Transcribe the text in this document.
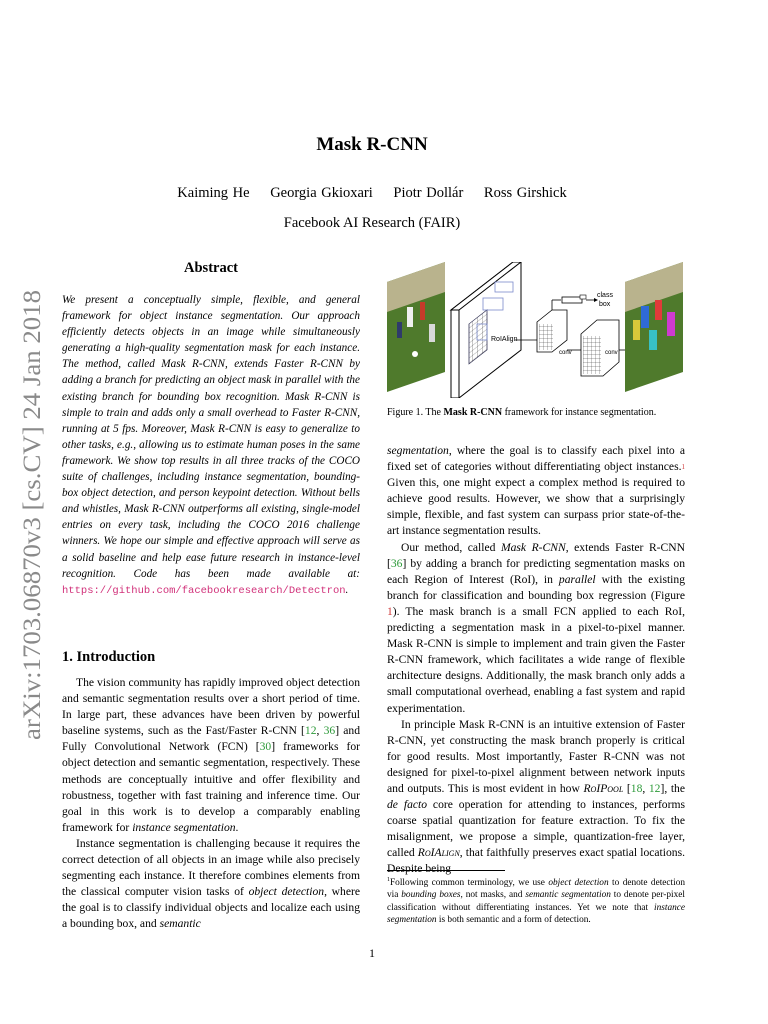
arXiv:1703.06870v3 [cs.CV] 24 Jan 2018
Mask R-CNN
Kaiming He Georgia Gkioxari Piotr Dollár Ross Girshick
Facebook AI Research (FAIR)
Abstract
We present a conceptually simple, flexible, and general framework for object instance segmentation. Our approach efficiently detects objects in an image while simultaneously generating a high-quality segmentation mask for each instance. The method, called Mask R-CNN, extends Faster R-CNN by adding a branch for predicting an object mask in parallel with the existing branch for bounding box recognition. Mask R-CNN is simple to train and adds only a small overhead to Faster R-CNN, running at 5 fps. Moreover, Mask R-CNN is easy to generalize to other tasks, e.g., allowing us to estimate human poses in the same framework. We show top results in all three tracks of the COCO suite of challenges, including instance segmentation, bounding-box object detection, and person keypoint detection. Without bells and whistles, Mask R-CNN outperforms all existing, single-model entries on every task, including the COCO 2016 challenge winners. We hope our simple and effective approach will serve as a solid baseline and help ease future research in instance-level recognition. Code has been made available at: https://github.com/facebookresearch/Detectron.
1. Introduction

The vision community has rapidly improved object detection and semantic segmentation results over a short period of time. In large part, these advances have been driven by powerful baseline systems, such as the Fast/Faster R-CNN [12, 36] and Fully Convolutional Network (FCN) [30] frameworks for object detection and semantic segmentation, respectively. These methods are conceptually intuitive and offer flexibility and robustness, together with fast training and inference time. Our goal in this work is to develop a comparably enabling framework for instance segmentation.

Instance segmentation is challenging because it requires the correct detection of all objects in an image while also precisely segmenting each instance. It therefore combines elements from the classical computer vision tasks of object detection, where the goal is to classify individual objects and localize each using a bounding box, and semantic

RoIAlign
class
box
conv	conv
Figure 1. The Mask R-CNN framework for instance segmentation.

segmentation, where the goal is to classify each pixel into a fixed set of categories without differentiating object instances.$^1$ Given this, one might expect a complex method is required to achieve good results. However, we show that a surprisingly simple, flexible, and fast system can surpass prior state-of-the-art instance segmentation results.

Our method, called Mask R-CNN, extends Faster R-CNN [36] by adding a branch for predicting segmentation masks on each Region of Interest (RoI), in parallel with the existing branch for classification and bounding box regression (Figure 1). The mask branch is a small FCN applied to each RoI, predicting a segmentation mask in a pixel-to-pixel manner. Mask R-CNN is simple to implement and train given the Faster R-CNN framework, which facilitates a wide range of flexible architecture designs. Additionally, the mask branch only adds a small computational overhead, enabling a fast system and rapid experimentation.

In principle Mask R-CNN is an intuitive extension of Faster R-CNN, yet constructing the mask branch properly is critical for good results. Most importantly, Faster R-CNN was not designed for pixel-to-pixel alignment between network inputs and outputs. This is most evident in how RoIPool [18, 12], the de facto core operation for attending to instances, performs coarse spatial quantization for feature extraction. To fix the misalignment, we propose a simple, quantization-free layer, called RoIAlign, that faithfully preserves exact spatial locations. Despite being

$^1$Following common terminology, we use object detection to denote detection via bounding boxes, not masks, and semantic segmentation to denote per-pixel classification without differentiating instances. Yet we note that instance segmentation is both semantic and a form of detection.
1
